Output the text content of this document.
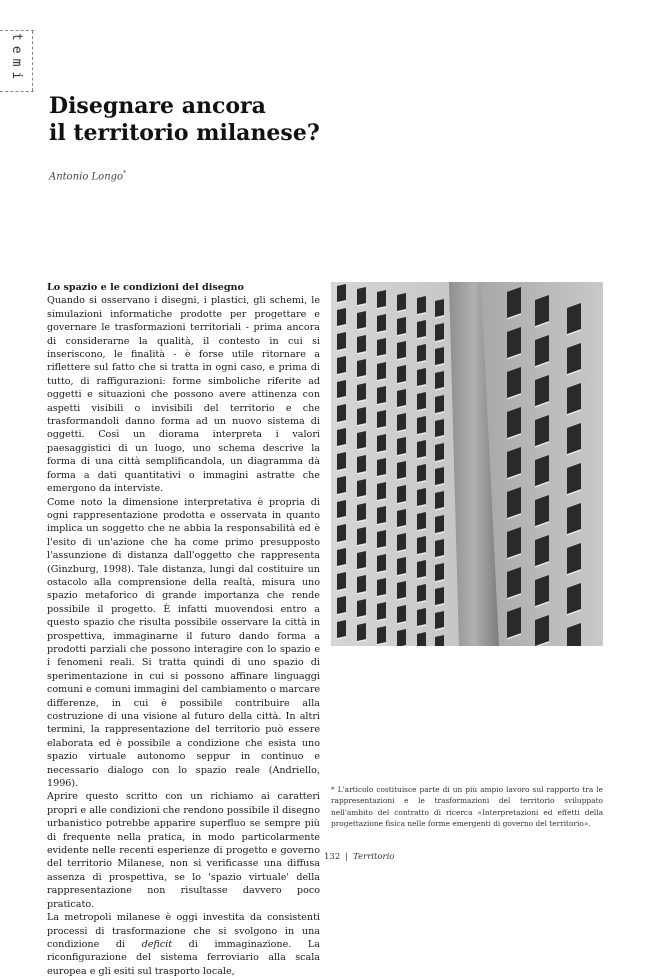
temi
Disegnare ancora
il territorio milanese?
Antonio Longo*
Lo spazio e le condizioni del disegno

Quando si osservano i disegni, i plastici, gli schemi, le simulazioni informatiche prodotte per progettare e governare le trasformazioni territoriali - prima ancora di considerarne la qualità, il contesto in cui si inseriscono, le finalità - è forse utile ritornare a riflettere sul fatto che si tratta in ogni caso, e prima di tutto, di raffigurazioni: forme simboliche riferite ad oggetti e situazioni che possono avere attinenza con aspetti visibili o invisibili del territorio e che trasformandoli danno forma ad un nuovo sistema di oggetti. Così un diorama interpreta i valori paesaggistici di un luogo, uno schema descrive la forma di una città semplificandola, un diagramma dà forma a dati quantitativi o immagini astratte che emergono da interviste.

Come noto la dimensione interpretativa è propria di ogni rappresentazione prodotta e osservata in quanto implica un soggetto che ne abbia la responsabilità ed è l'esito di un'azione che ha come primo presupposto l'assunzione di distanza dall'oggetto che rappresenta (Ginzburg, 1998). Tale distanza, lungi dal costituire un ostacolo alla comprensione della realtà, misura uno spazio metaforico di grande importanza che rende possibile il progetto. È infatti muovendosi entro a questo spazio che risulta possibile osservare la città in prospettiva, immaginarne il futuro dando forma a prodotti parziali che possono interagire con lo spazio e i fenomeni reali. Si tratta quindi di uno spazio di sperimentazione in cui si possono affinare linguaggi comuni e comuni immagini del cambiamento o marcare differenze, in cui è possibile contribuire alla costruzione di una visione al futuro della città. In altri termini, la rappresentazione del territorio può essere elaborata ed è possibile a condizione che esista uno spazio virtuale autonomo seppur in continuo e necessario dialogo con lo spazio reale (Andriello, 1996).

Aprire questo scritto con un richiamo ai caratteri propri e alle condizioni che rendono possibile il disegno urbanistico potrebbe apparire superfluo se sempre più di frequente nella pratica, in modo particolarmente evidente nelle recenti esperienze di progetto e governo del territorio Milanese, non si verificasse una diffusa assenza di prospettiva, se lo 'spazio virtuale' della rappresentazione non risultasse davvero poco praticato.

La metropoli milanese è oggi investita da consistenti processi di trasformazione che si svolgono in una condizione di deficit di immaginazione. La riconfigurazione del sistema ferroviario alla scala europea e gli esiti sul trasporto locale,

* L'articolo costituisce parte di un più ampio lavoro sul rapporto tra le rappresentazioni e le trasformazioni del territorio sviluppato nell'ambito del contratto di ricerca «Interpretazioni ed effetti della progettazione fisica nelle forme emergenti di governo del territorio».
132 | Territorio
